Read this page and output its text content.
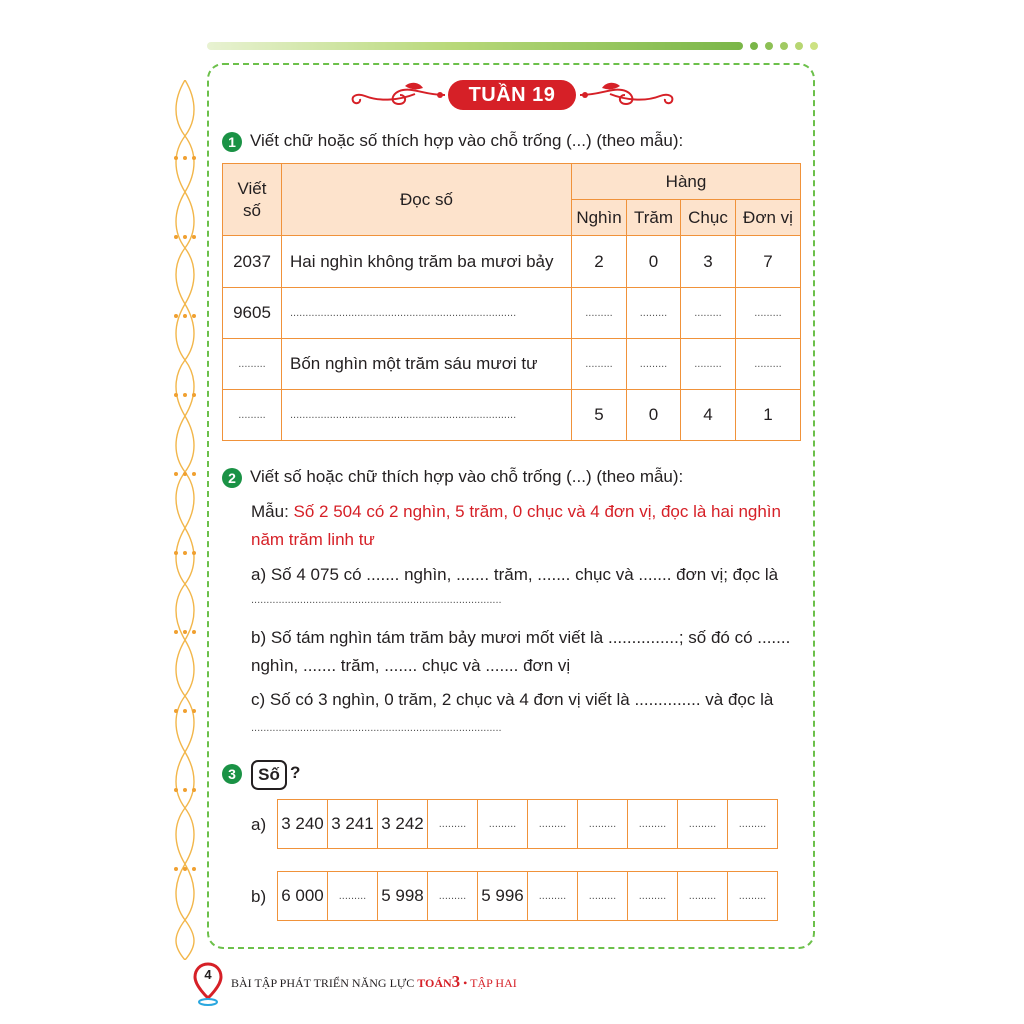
TUẦN 19
1 Viết chữ hoặc số thích hợp vào chỗ trống (...) (theo mẫu):
Viết
số	Đọc số	Hàng			
		Nghìn	Trăm	Chục	Đơn vị
2037	Hai nghìn không trăm ba mươi bảy	2	0	3	7
9605	..........................................................................	.........	.........	.........	.........
.........	Bốn nghìn một trăm sáu mươi tư	.........	.........	.........	.........
.........	..........................................................................	5	0	4	1
2 Viết số hoặc chữ thích hợp vào chỗ trống (...) (theo mẫu):
Mẫu: Số 2 504 có 2 nghìn, 5 trăm, 0 chục và 4 đơn vị, đọc là hai nghìn
năm trăm linh tư
a) Số 4 075 có ....... nghìn, ....... trăm, ....... chục và ....... đơn vị; đọc là
..................................................................................
b) Số tám nghìn tám trăm bảy mươi mốt viết là ...............; số đó có .......
nghìn, ....... trăm, ....... chục và ....... đơn vị
c) Số có 3 nghìn, 0 trăm, 2 chục và 4 đơn vị viết là .............. và đọc là
..................................................................................
3	Số ?
a) 3 240	3 241	3 242	.........	.........	.........	.........	.........	.........	.........
b) 6 000	.........	5 998	.........	5 996	.........	.........	.........	.........	.........
4
BÀI TẬP PHÁT TRIỂN NĂNG LỰC TOÁN3 • TẬP HAI
